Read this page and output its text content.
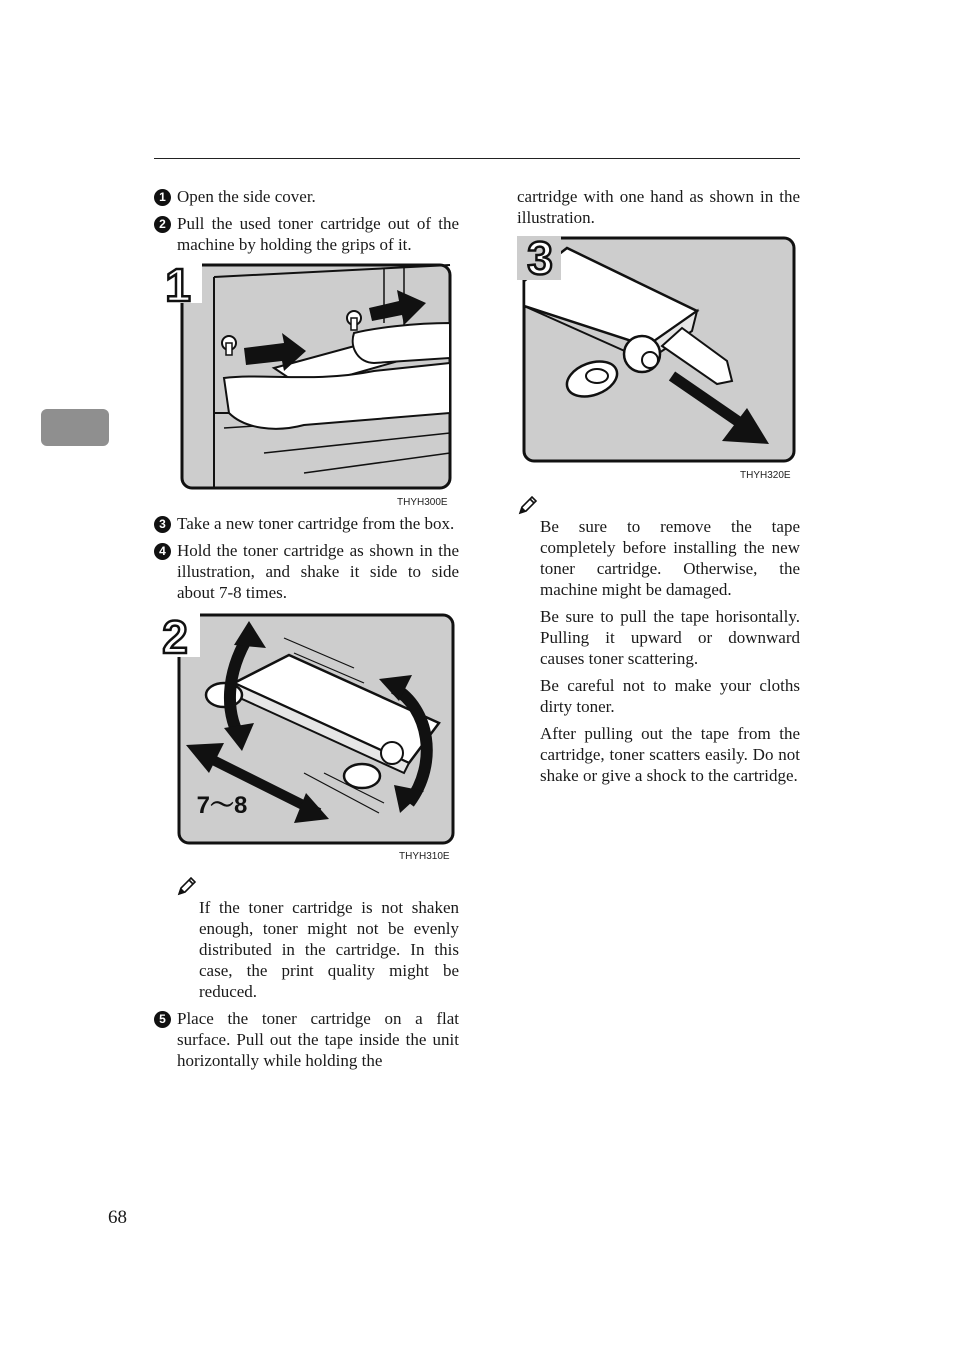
1 Open the side cover.
2 Pull the used toner cartridge out of the machine by holding the grips of it.
1
THYH300E
3 Take a new toner cartridge from the box.
4 Hold the toner cartridge as shown in the illustration, and shake it side to side about 7-8 times.
2
7～8
THYH310E
If the toner cartridge is not shaken enough, toner might not be evenly distributed in the cartridge. In this case, the print quality might be reduced.
5 Place the toner cartridge on a flat surface. Pull out the tape inside the unit horizontally while holding the
cartridge with one hand as shown in the illustration.
3
THYH320E
Be sure to remove the tape completely before installing the new toner cartridge. Otherwise, the machine might be damaged.
Be sure to pull the tape horisontally. Pulling it upward or downward causes toner scattering.
Be careful not to make your cloths dirty toner.
After pulling out the tape from the cartridge, toner scatters easily. Do not shake or give a shock to the cartridge.
68
